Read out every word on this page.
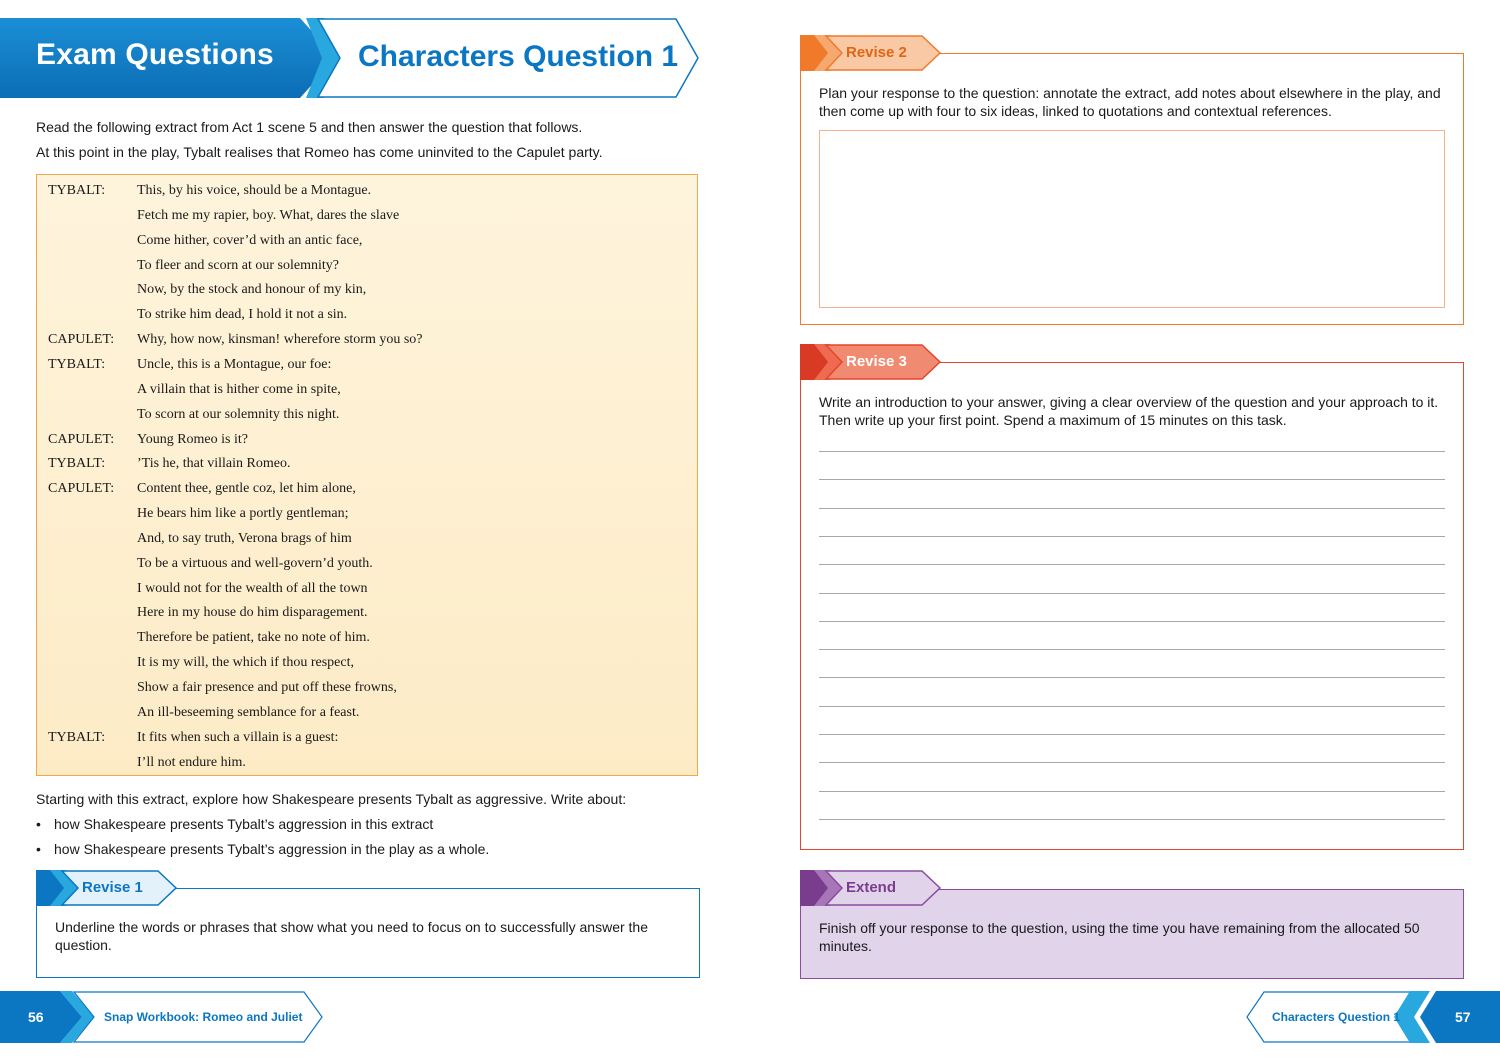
Exam Questions	Characters Question 1
Read the following extract from Act 1 scene 5 and then answer the question that follows.
At this point in the play, Tybalt realises that Romeo has come uninvited to the Capulet party.
TYBALT: This, by his voice, should be a Montague.
Fetch me my rapier, boy. What, dares the slave
Come hither, cover’d with an antic face,
To fleer and scorn at our solemnity?
Now, by the stock and honour of my kin,
To strike him dead, I hold it not a sin.
CAPULET: Why, how now, kinsman! wherefore storm you so?
TYBALT: Uncle, this is a Montague, our foe:
A villain that is hither come in spite,
To scorn at our solemnity this night.
CAPULET: Young Romeo is it?
TYBALT: ’Tis he, that villain Romeo.
CAPULET: Content thee, gentle coz, let him alone,
He bears him like a portly gentleman;
And, to say truth, Verona brags of him
To be a virtuous and well-govern’d youth.
I would not for the wealth of all the town
Here in my house do him disparagement.
Therefore be patient, take no note of him.
It is my will, the which if thou respect,
Show a fair presence and put off these frowns,
An ill-beseeming semblance for a feast.
TYBALT: It fits when such a villain is a guest:
I’ll not endure him.
Starting with this extract, explore how Shakespeare presents Tybalt as aggressive. Write about:
• how Shakespeare presents Tybalt’s aggression in this extract
• how Shakespeare presents Tybalt’s aggression in the play as a whole.
Underline the words or phrases that show what you need to focus on to successfully answer the question.
Revise 1
56	Snap Workbook: Romeo and Juliet
Plan your response to the question: annotate the extract, add notes about elsewhere in the play, and then come up with four to six ideas, linked to quotations and contextual references.
Revise 2
Write an introduction to your answer, giving a clear overview of the question and your approach to it. Then write up your first point. Spend a maximum of 15 minutes on this task.
Revise 3
Finish off your response to the question, using the time you have remaining from the allocated 50 minutes.
Extend
Characters Question 1	57
